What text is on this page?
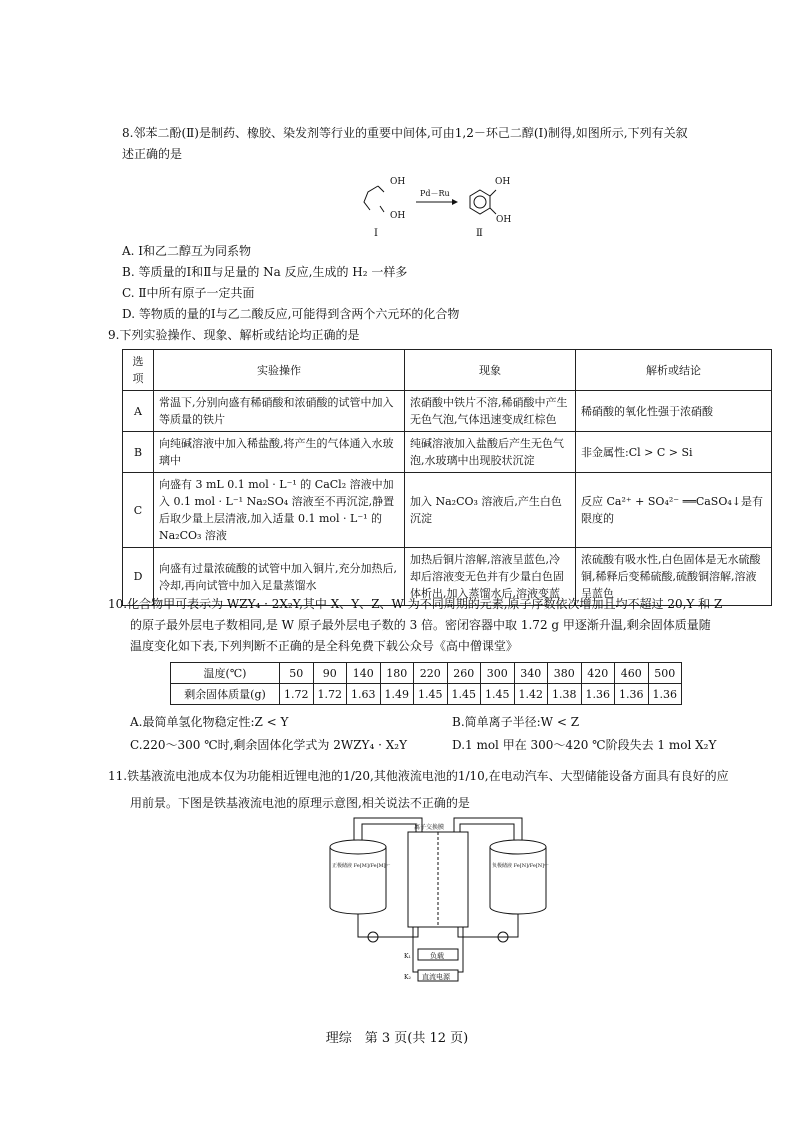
8.邻苯二酚(Ⅱ)是制药、橡胶、染发剂等行业的重要中间体,可由1,2－环己二醇(Ⅰ)制得,如图所示,下列有关叙
述正确的是
OH
OH
Pd－Ru
OH
OH
Ⅰ	Ⅱ
A. Ⅰ和乙二醇互为同系物
B. 等质量的Ⅰ和Ⅱ与足量的 Na 反应,生成的 H₂ 一样多
C. Ⅱ中所有原子一定共面
D. 等物质的量的Ⅰ与乙二酸反应,可能得到含两个六元环的化合物
9.下列实验操作、现象、解析或结论均正确的是
选项	实验操作	现象	解析或结论
A	常温下,分别向盛有稀硝酸和浓硝酸的试管中加入等质量的铁片	浓硝酸中铁片不溶,稀硝酸中产生无色气泡,气体迅速变成红棕色	稀硝酸的氧化性强于浓硝酸
B	向纯碱溶液中加入稀盐酸,将产生的气体通入水玻璃中	纯碱溶液加入盐酸后产生无色气泡,水玻璃中出现胶状沉淀	非金属性:Cl > C > Si
C	向盛有 3 mL 0.1 mol · L⁻¹ 的 CaCl₂ 溶液中加入 0.1 mol · L⁻¹ Na₂SO₄ 溶液至不再沉淀,静置后取少量上层清液,加入适量 0.1 mol · L⁻¹ 的 Na₂CO₃ 溶液	加入 Na₂CO₃ 溶液后,产生白色沉淀	反应 Ca²⁺ + SO₄²⁻ ══CaSO₄↓是有限度的
D	向盛有过量浓硫酸的试管中加入铜片,充分加热后,冷却,再向试管中加入足量蒸馏水	加热后铜片溶解,溶液呈蓝色,冷却后溶液变无色并有少量白色固体析出,加入蒸馏水后,溶液变蓝	浓硫酸有吸水性,白色固体是无水硫酸铜,稀释后变稀硫酸,硫酸铜溶解,溶液呈蓝色
10.化合物甲可表示为 WZY₄ · 2X₂Y,其中 X、Y、Z、W 为不同周期的元素,原子序数依次增加且均不超过 20,Y 和 Z
的原子最外层电子数相同,是 W 原子最外层电子数的 3 倍。密闭容器中取 1.72 g 甲逐渐升温,剩余固体质量随
温度变化如下表,下列判断不正确的是全科免费下载公众号《高中僧课堂》
温度(℃)	50	90	140	180	220	260	300	340	380	420	460	500
剩余固体质量(g)	1.72	1.72	1.63	1.49	1.45	1.45	1.45	1.42	1.38	1.36	1.36	1.36
A.最简单氢化物稳定性:Z < Y	B.简单离子半径:W < Z
C.220～300 ℃时,剩余固体化学式为 2WZY₄ · X₂Y	D.1 mol 甲在 300～420 ℃阶段失去 1 mol X₂Y
11.铁基液流电池成本仅为功能相近锂电池的1/20,其他液流电池的1/10,在电动汽车、大型储能设备方面具有良好的应
用前景。下图是铁基液流电池的原理示意图,相关说法不正确的是
离子交换膜
正极储液 Fe[M]/Fe[M]ⁿ⁻	负极储液 Fe[N]/Fe[N]ⁿ⁻
负载
直流电源
K₁
K₂
理综　第 3 页(共 12 页)
